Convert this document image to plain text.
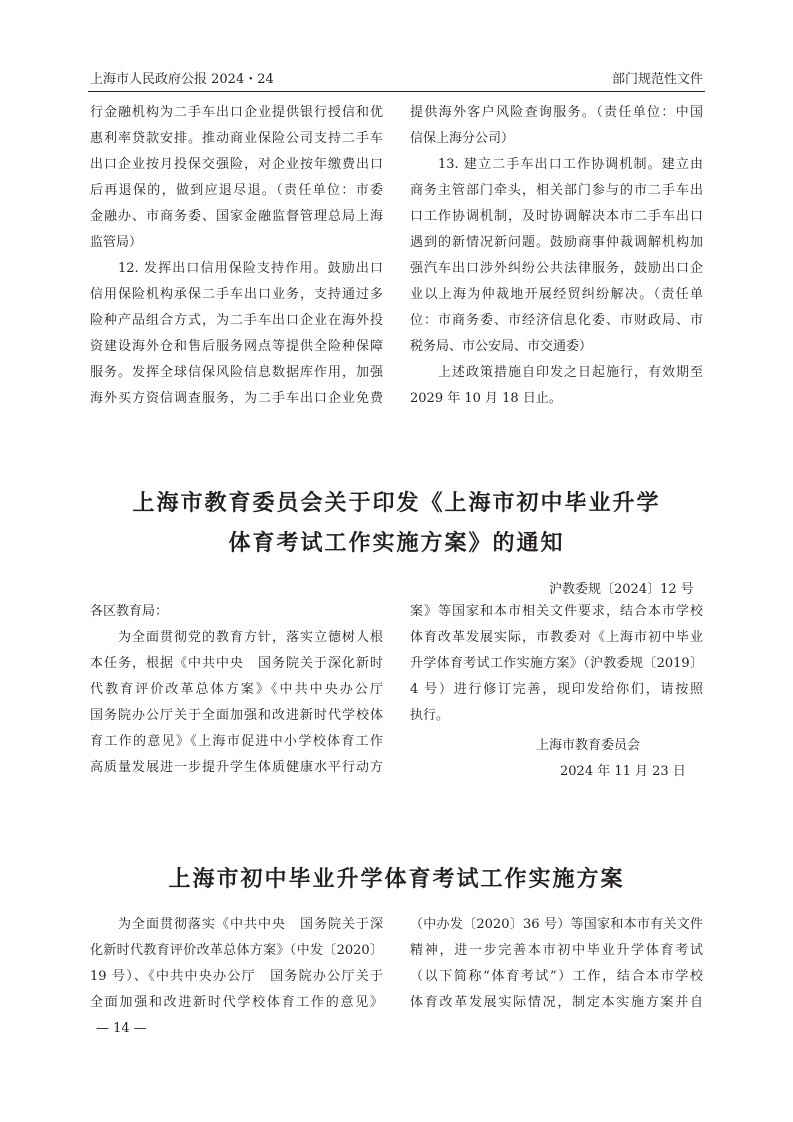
上海市人民政府公报 2024・24	部门规范性文件
行金融机构为二手车出口企业提供银行授信和优
惠利率贷款安排。推动商业保险公司支持二手车
出口企业按月投保交强险，对企业按年缴费出口
后再退保的，做到应退尽退。（责任单位：市委
金融办、市商务委、国家金融监督管理总局上海
监管局）
12. 发挥出口信用保险支持作用。鼓励出口
信用保险机构承保二手车出口业务，支持通过多
险种产品组合方式，为二手车出口企业在海外投
资建设海外仓和售后服务网点等提供全险种保障
服务。发挥全球信保风险信息数据库作用，加强
海外买方资信调查服务，为二手车出口企业免费
提供海外客户风险查询服务。（责任单位：中国
信保上海分公司）
13. 建立二手车出口工作协调机制。建立由
商务主管部门牵头，相关部门参与的市二手车出
口工作协调机制，及时协调解决本市二手车出口
遇到的新情况新问题。鼓励商事仲裁调解机构加
强汽车出口涉外纠纷公共法律服务，鼓励出口企
业以上海为仲裁地开展经贸纠纷解决。（责任单
位：市商务委、市经济信息化委、市财政局、市
税务局、市公安局、市交通委）
上述政策措施自印发之日起施行，有效期至
2029 年 10 月 18 日止。
各区教育局：
为全面贯彻党的教育方针，落实立德树人根
本任务，根据《中共中央　国务院关于深化新时
代教育评价改革总体方案》《中共中央办公厅
国务院办公厅关于全面加强和改进新时代学校体
育工作的意见》《上海市促进中小学校体育工作
高质量发展进一步提升学生体质健康水平行动方
案》等国家和本市相关文件要求，结合本市学校
体育改革发展实际，市教委对《上海市初中毕业
升学体育考试工作实施方案》（沪教委规〔2019〕
4 号）进行修订完善，现印发给你们，请按照
执行。
为全面贯彻落实《中共中央　国务院关于深
化新时代教育评价改革总体方案》（中发〔2020〕
19 号）、《中共中央办公厅　国务院办公厅关于
全面加强和改进新时代学校体育工作的意见》
（中办发〔2020〕36 号）等国家和本市有关文件
精神，进一步完善本市初中毕业升学体育考试
（以下简称“体育考试”）工作，结合本市学校
体育改革发展实际情况，制定本实施方案并自
上海市教育委员会关于印发《上海市初中毕业升学
体育考试工作实施方案》的通知
沪教委规〔2024〕12 号
上海市教育委员会
2024 年 11 月 23 日
上海市初中毕业升学体育考试工作实施方案
— 14 —
